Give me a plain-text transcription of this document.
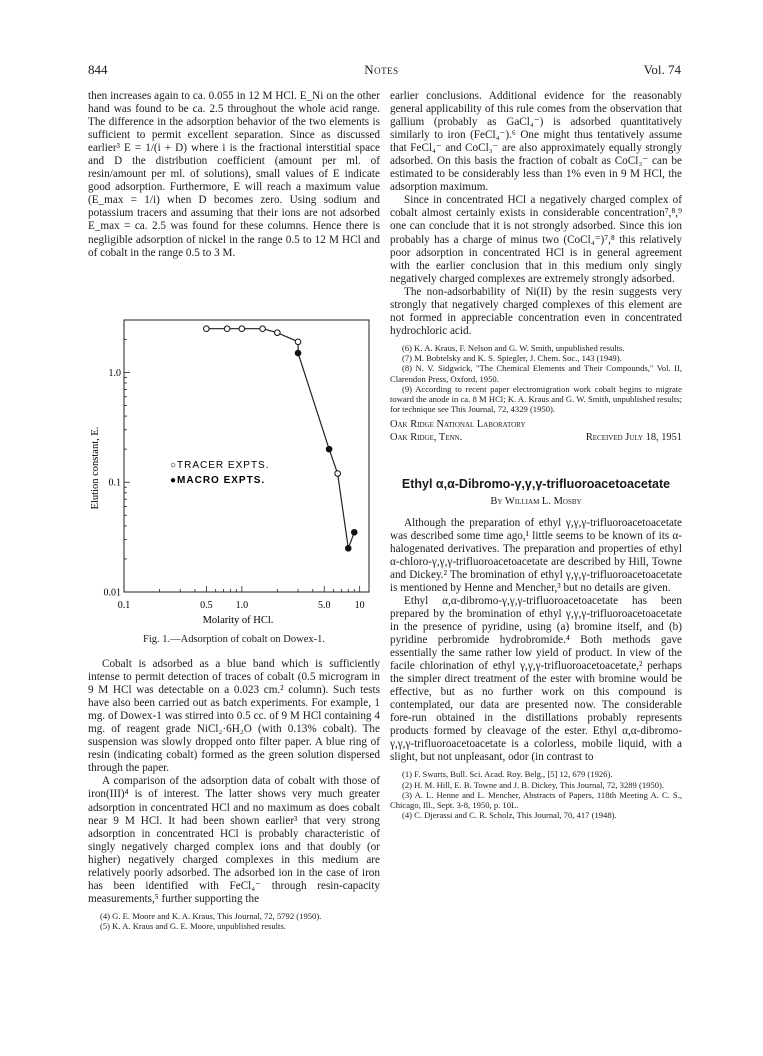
844	Notes	Vol. 74

then increases again to ca. 0.055 in 12 M HCl. E_Ni on the other hand was found to be ca. 2.5 throughout the whole acid range. The difference in the adsorption behavior of the two elements is sufficient to permit excellent separation. Since as discussed earlier³ E = 1/(i + D) where i is the fractional interstitial space and D the distribution coefficient (amount per ml. of resin/amount per ml. of solutions), small values of E indicate good adsorption. Furthermore, E will reach a maximum value (E_max = 1/i) when D becomes zero. Using sodium and potassium tracers and assuming that their ions are not adsorbed E_max = ca. 2.5 was found for these columns. Hence there is negligible adsorption of nickel in the range 0.5 to 12 M HCl and of cobalt in the range 0.5 to 3 M.

0.01
0.1
1.0
0.1	0.5 1.0	5.0 10
Elution constant, E.
Molarity of HCl.
○TRACER EXPTS.
●MACRO EXPTS.
Fig. 1.—Adsorption of cobalt on Dowex-1.

Cobalt is adsorbed as a blue band which is sufficiently intense to permit detection of traces of cobalt (0.5 microgram in 9 M HCl was detectable on a 0.023 cm.² column). Such tests have also been carried out as batch experiments. For example, 1 mg. of Dowex-1 was stirred into 0.5 cc. of 9 M HCl containing 4 mg. of reagent grade NiCl₂·6H₂O (with 0.13% cobalt). The suspension was slowly dropped onto filter paper. A blue ring of resin (indicating cobalt) formed as the green solution dispersed through the paper.

A comparison of the adsorption data of cobalt with those of iron(III)⁴ is of interest. The latter shows very much greater adsorption in concentrated HCl and no maximum as does cobalt near 9 M HCl. It had been shown earlier³ that very strong adsorption in concentrated HCl is probably characteristic of singly negatively charged complex ions and that doubly (or higher) negatively charged complexes in this medium are relatively poorly adsorbed. The adsorbed ion in the case of iron has been identified with FeCl₄⁻ through resin-capacity measurements,⁵ further supporting the

(4) G. E. Moore and K. A. Kraus, This Journal, 72, 5792 (1950).
(5) K. A. Kraus and G. E. Moore, unpublished results.

earlier conclusions. Additional evidence for the reasonably general applicability of this rule comes from the observation that gallium (probably as GaCl₄⁻) is adsorbed quantitatively similarly to iron (FeCl₄⁻).⁶ One might thus tentatively assume that FeCl₄⁻ and CoCl₃⁻ are also approximately equally strongly adsorbed. On this basis the fraction of cobalt as CoCl₃⁻ can be estimated to be considerably less than 1% even in 9 M HCl, the adsorption maximum.

Since in concentrated HCl a negatively charged complex of cobalt almost certainly exists in considerable concentration⁷,⁸,⁹ one can conclude that it is not strongly adsorbed. Since this ion probably has a charge of minus two (CoCl₄⁼)⁷,⁸ this relatively poor adsorption in concentrated HCl is in general agreement with the earlier conclusion that in this medium only singly negatively charged complexes are extremely strongly adsorbed.

The non-adsorbability of Ni(II) by the resin suggests very strongly that negatively charged complexes of this element are not formed in appreciable concentration even in concentrated hydrochloric acid.

(6) K. A. Kraus, F. Nelson and G. W. Smith, unpublished results.
(7) M. Bobtelsky and K. S. Spiegler, J. Chem. Soc., 143 (1949).
(8) N. V. Sidgwick, "The Chemical Elements and Their Compounds," Vol. II, Clarendon Press, Oxford, 1950.
(9) According to recent paper electromigration work cobalt begins to migrate toward the anode in ca. 8 M HCl; K. A. Kraus and G. W. Smith, unpublished results; for technique see This Journal, 72, 4329 (1950).
Oak Ridge National Laboratory
Oak Ridge, Tenn.	Received July 18, 1951
Ethyl α,α-Dibromo-γ,γ,γ-trifluoroacetoacetate
By William L. Mosby

Although the preparation of ethyl γ,γ,γ-trifluoroacetoacetate was described some time ago,¹ little seems to be known of its α-halogenated derivatives. The preparation and properties of ethyl α-chloro-γ,γ,γ-trifluoroacetoacetate are described by Hill, Towne and Dickey.² The bromination of ethyl γ,γ,γ-trifluoroacetoacetate is mentioned by Henne and Mencher,³ but no details are given.

Ethyl α,α-dibromo-γ,γ,γ-trifluoroacetoacetate has been prepared by the bromination of ethyl γ,γ,γ-trifluoroacetoacetate in the presence of pyridine, using (a) bromine itself, and (b) pyridine perbromide hydrobromide.⁴ Both methods gave essentially the same rather low yield of product. In view of the facile chlorination of ethyl γ,γ,γ-trifluoroacetoacetate,² perhaps the simpler direct treatment of the ester with bromine would be effective, but as no further work on this compound is contemplated, our data are presented now. The considerable fore-run obtained in the distillations probably represents products formed by cleavage of the ester. Ethyl α,α-dibromo-γ,γ,γ-trifluoroacetoacetate is a colorless, mobile liquid, with a slight, but not unpleasant, odor (in contrast to

(1) F. Swarts, Bull. Sci. Acad. Roy. Belg., [5] 12, 679 (1926).
(2) H. M. Hill, E. B. Towne and J. B. Dickey, This Journal, 72, 3289 (1950).
(3) A. L. Henne and L. Mencher, Abstracts of Papers, 118th Meeting A. C. S., Chicago, Ill., Sept. 3-8, 1950, p. 10L.
(4) C. Djerassi and C. R. Scholz, This Journal, 70, 417 (1948).
